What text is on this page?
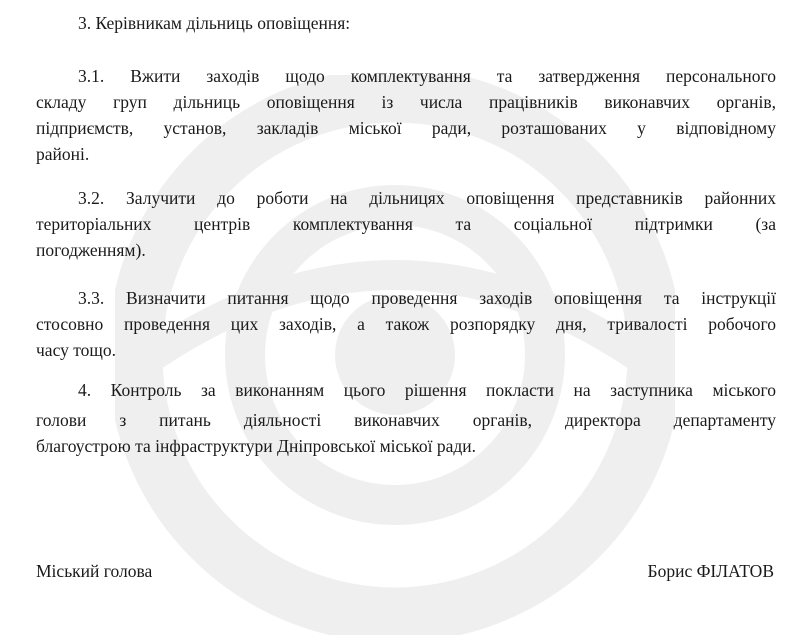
3. Керівникам дільниць оповіщення:
3.1. Вжити заходів щодо комплектування та затвердження персонального
складу груп дільниць оповіщення із числа працівників виконавчих органів,
підприємств, установ, закладів міської ради, розташованих у відповідному
районі.
3.2. Залучити до роботи на дільницях оповіщення представників районних
територіальних центрів комплектування та соціальної підтримки (за
погодженням).
3.3. Визначити питання щодо проведення заходів оповіщення та інструкції
стосовно проведення цих заходів, а також розпорядку дня, тривалості робочого
часу тощо.
4. Контроль за виконанням цього рішення покласти на заступника міського
голови з питань діяльності виконавчих органів, директора департаменту
благоустрою та інфраструктури Дніпровської міської ради.
Міський голова	Борис ФІЛАТОВ
